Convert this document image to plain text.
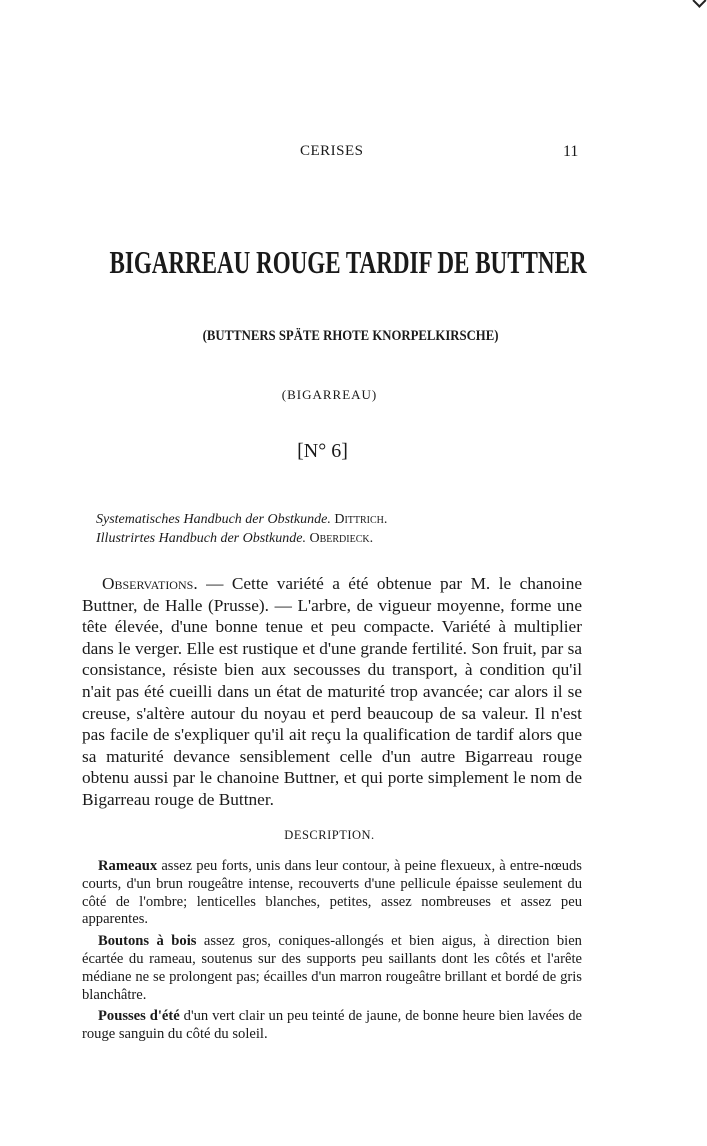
CERISES	11
BIGARREAU ROUGE TARDIF DE BUTTNER
(BUTTNERS SPÄTE RHOTE KNORPELKIRSCHE)
(BIGARREAU)
[N° 6]
Systematisches Handbuch der Obstkunde. Dittrich.
Illustrirtes Handbuch der Obstkunde. Oberdieck.

Observations. — Cette variété a été obtenue par M. le chanoine Buttner, de Halle (Prusse). — L'arbre, de vigueur moyenne, forme une tête élevée, d'une bonne tenue et peu compacte. Variété à multiplier dans le verger. Elle est rustique et d'une grande fertilité. Son fruit, par sa consistance, résiste bien aux secousses du transport, à condition qu'il n'ait pas été cueilli dans un état de maturité trop avancée; car alors il se creuse, s'altère autour du noyau et perd beaucoup de sa valeur. Il n'est pas facile de s'expliquer qu'il ait reçu la qualification de tardif alors que sa maturité devance sensiblement celle d'un autre Bigarreau rouge obtenu aussi par le chanoine Buttner, et qui porte simplement le nom de Bigarreau rouge de Buttner.

DESCRIPTION.

Rameaux assez peu forts, unis dans leur contour, à peine flexueux, à entre-nœuds courts, d'un brun rougeâtre intense, recouverts d'une pellicule épaisse seulement du côté de l'ombre; lenticelles blanches, petites, assez nombreuses et assez peu apparentes.

Boutons à bois assez gros, coniques-allongés et bien aigus, à direction bien écartée du rameau, soutenus sur des supports peu saillants dont les côtés et l'arête médiane ne se prolongent pas; écailles d'un marron rougeâtre brillant et bordé de gris blanchâtre.

Pousses d'été d'un vert clair un peu teinté de jaune, de bonne heure bien lavées de rouge sanguin du côté du soleil.
